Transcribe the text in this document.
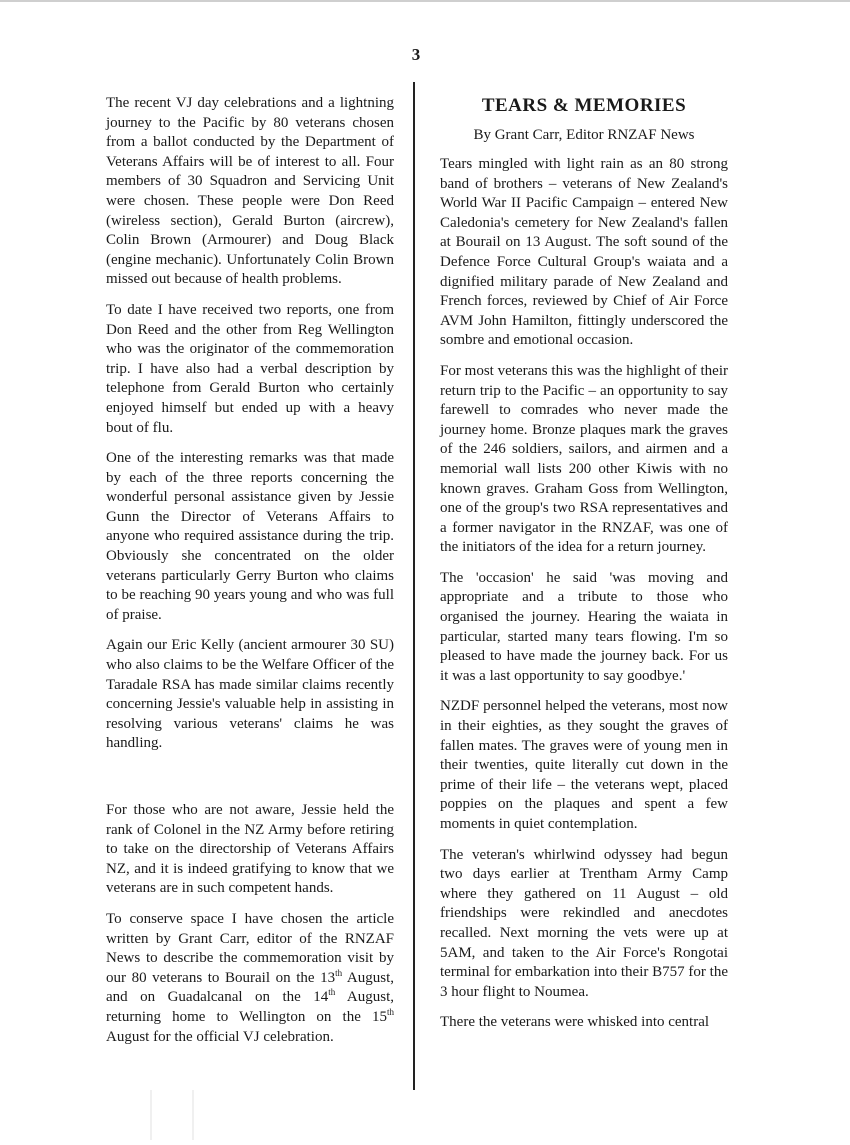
3

The recent VJ day celebrations and a lightning journey to the Pacific by 80 veterans chosen from a ballot conducted by the Department of Veterans Affairs will be of interest to all. Four members of 30 Squadron and Servicing Unit were chosen. These people were Don Reed (wireless section), Gerald Burton (aircrew), Colin Brown (Armourer) and Doug Black (engine mechanic). Unfortunately Colin Brown missed out because of health problems.

To date I have received two reports, one from Don Reed and the other from Reg Wellington who was the originator of the commemoration trip. I have also had a verbal description by telephone from Gerald Burton who certainly enjoyed himself but ended up with a heavy bout of flu.

One of the interesting remarks was that made by each of the three reports concerning the wonderful personal assistance given by Jessie Gunn the Director of Veterans Affairs to anyone who required assistance during the trip. Obviously she concentrated on the older veterans particularly Gerry Burton who claims to be reaching 90 years young and who was full of praise.

Again our Eric Kelly (ancient armourer 30 SU) who also claims to be the Welfare Officer of the Taradale RSA has made similar claims recently concerning Jessie's valuable help in assisting in resolving various veterans' claims he was handling.

For those who are not aware, Jessie held the rank of Colonel in the NZ Army before retiring to take on the directorship of Veterans Affairs NZ, and it is indeed gratifying to know that we veterans are in such competent hands.

To conserve space I have chosen the article written by Grant Carr, editor of the RNZAF News to describe the commemoration visit by our 80 veterans to Bourail on the 13th August, and on Guadalcanal on the 14th August, returning home to Wellington on the 15th August for the official VJ celebration.

TEARS & MEMORIES
By Grant Carr, Editor RNZAF News

Tears mingled with light rain as an 80 strong band of brothers – veterans of New Zealand's World War II Pacific Campaign – entered New Caledonia's cemetery for New Zealand's fallen at Bourail on 13 August. The soft sound of the Defence Force Cultural Group's waiata and a dignified military parade of New Zealand and French forces, reviewed by Chief of Air Force AVM John Hamilton, fittingly underscored the sombre and emotional occasion.

For most veterans this was the highlight of their return trip to the Pacific – an opportunity to say farewell to comrades who never made the journey home. Bronze plaques mark the graves of the 246 soldiers, sailors, and airmen and a memorial wall lists 200 other Kiwis with no known graves. Graham Goss from Wellington, one of the group's two RSA representatives and a former navigator in the RNZAF, was one of the initiators of the idea for a return journey.

The 'occasion' he said 'was moving and appropriate and a tribute to those who organised the journey. Hearing the waiata in particular, started many tears flowing. I'm so pleased to have made the journey back. For us it was a last opportunity to say goodbye.'

NZDF personnel helped the veterans, most now in their eighties, as they sought the graves of fallen mates. The graves were of young men in their twenties, quite literally cut down in the prime of their life – the veterans wept, placed poppies on the plaques and spent a few moments in quiet contemplation.

The veteran's whirlwind odyssey had begun two days earlier at Trentham Army Camp where they gathered on 11 August – old friendships were rekindled and anecdotes recalled. Next morning the vets were up at 5AM, and taken to the Air Force's Rongotai terminal for embarkation into their B757 for the 3 hour flight to Noumea.

There the veterans were whisked into central
